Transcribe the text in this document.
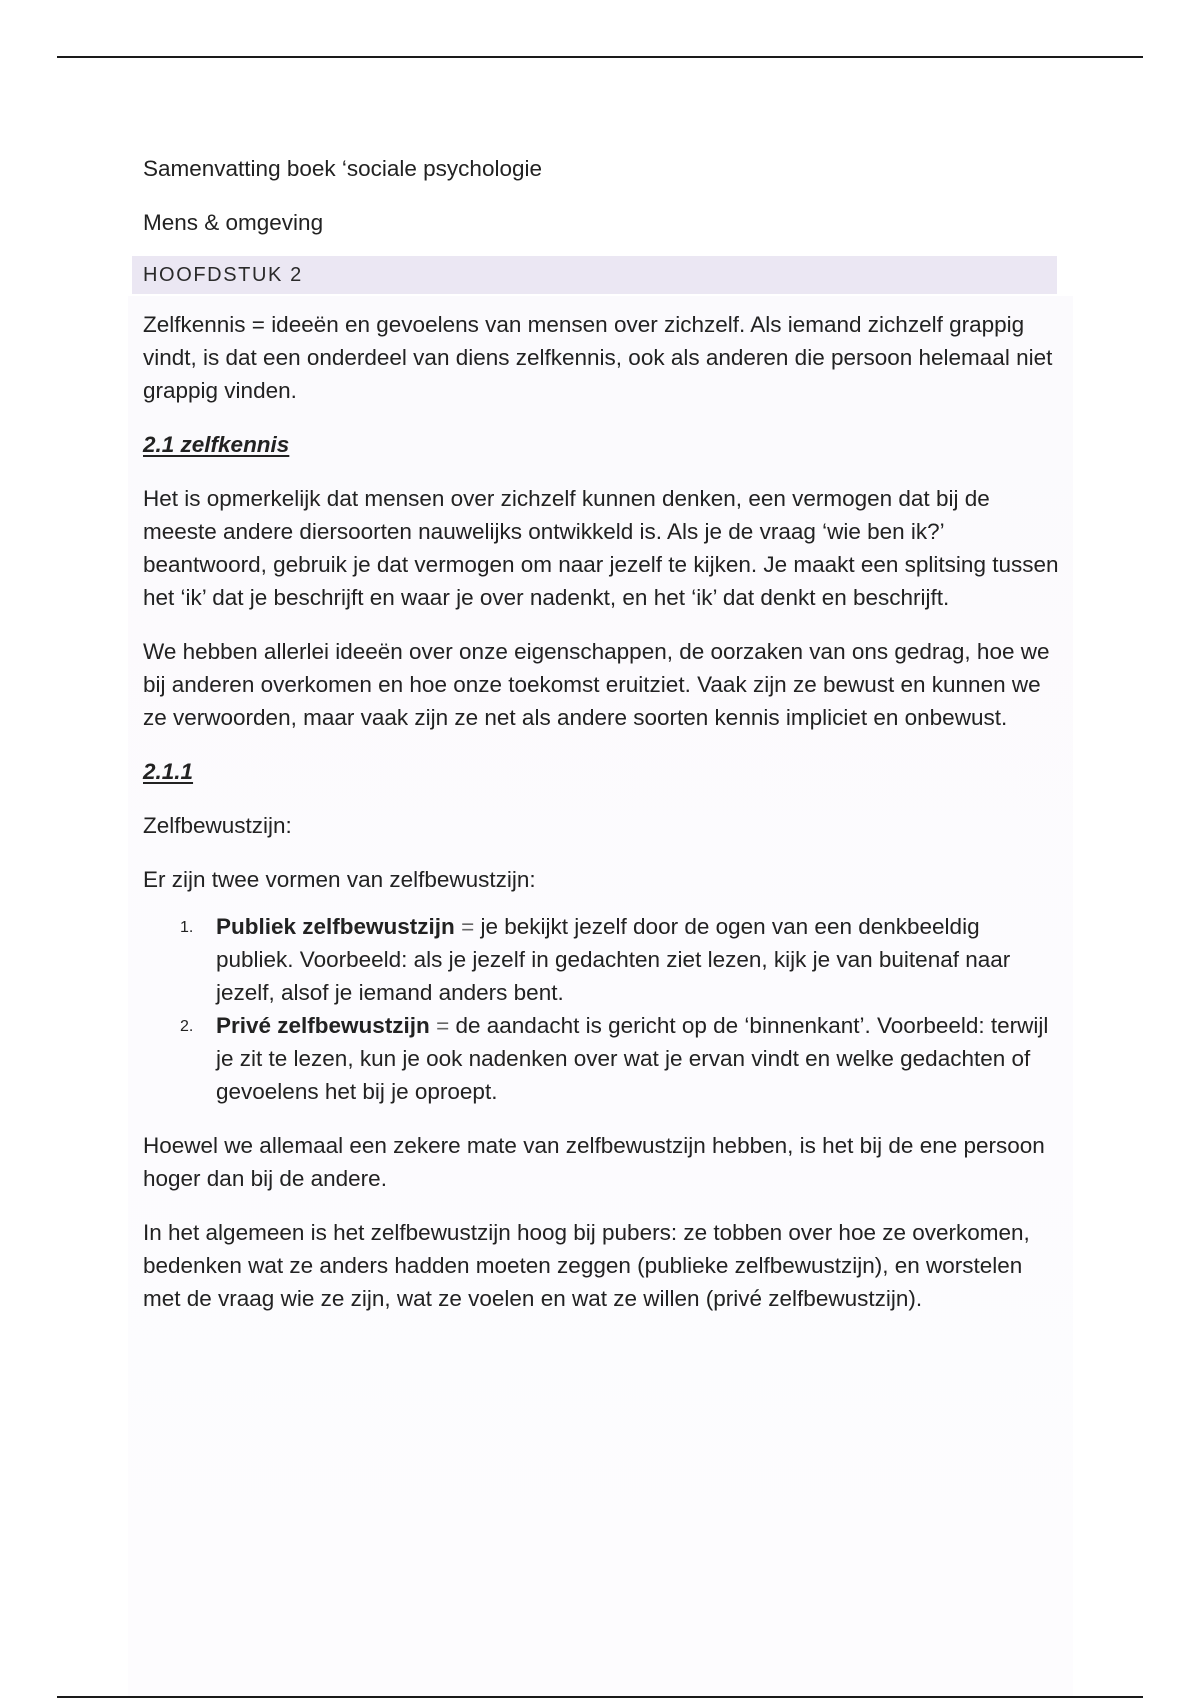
Samenvatting boek ‘sociale psychologie

Mens & omgeving

HOOFDSTUK 2

Zelfkennis = ideeën en gevoelens van mensen over zichzelf. Als iemand zichzelf grappig vindt, is dat een onderdeel van diens zelfkennis, ook als anderen die persoon helemaal niet grappig vinden.

2.1 zelfkennis

Het is opmerkelijk dat mensen over zichzelf kunnen denken, een vermogen dat bij de meeste andere diersoorten nauwelijks ontwikkeld is. Als je de vraag ‘wie ben ik?’ beantwoord, gebruik je dat vermogen om naar jezelf te kijken. Je maakt een splitsing tussen het ‘ik’ dat je beschrijft en waar je over nadenkt, en het ‘ik’ dat denkt en beschrijft.

We hebben allerlei ideeën over onze eigenschappen, de oorzaken van ons gedrag, hoe we bij anderen overkomen en hoe onze toekomst eruitziet. Vaak zijn ze bewust en kunnen we ze verwoorden, maar vaak zijn ze net als andere soorten kennis impliciet en onbewust.

2.1.1

Zelfbewustzijn:

Er zijn twee vormen van zelfbewustzijn:

1. Publiek zelfbewustzijn = je bekijkt jezelf door de ogen van een denkbeeldig publiek. Voorbeeld: als je jezelf in gedachten ziet lezen, kijk je van buitenaf naar jezelf, alsof je iemand anders bent.
2. Privé zelfbewustzijn = de aandacht is gericht op de ‘binnenkant’. Voorbeeld: terwijl je zit te lezen, kun je ook nadenken over wat je ervan vindt en welke gedachten of gevoelens het bij je oproept.

Hoewel we allemaal een zekere mate van zelfbewustzijn hebben, is het bij de ene persoon hoger dan bij de andere.

In het algemeen is het zelfbewustzijn hoog bij pubers: ze tobben over hoe ze overkomen, bedenken wat ze anders hadden moeten zeggen (publieke zelfbewustzijn), en worstelen met de vraag wie ze zijn, wat ze voelen en wat ze willen (privé zelfbewustzijn).
